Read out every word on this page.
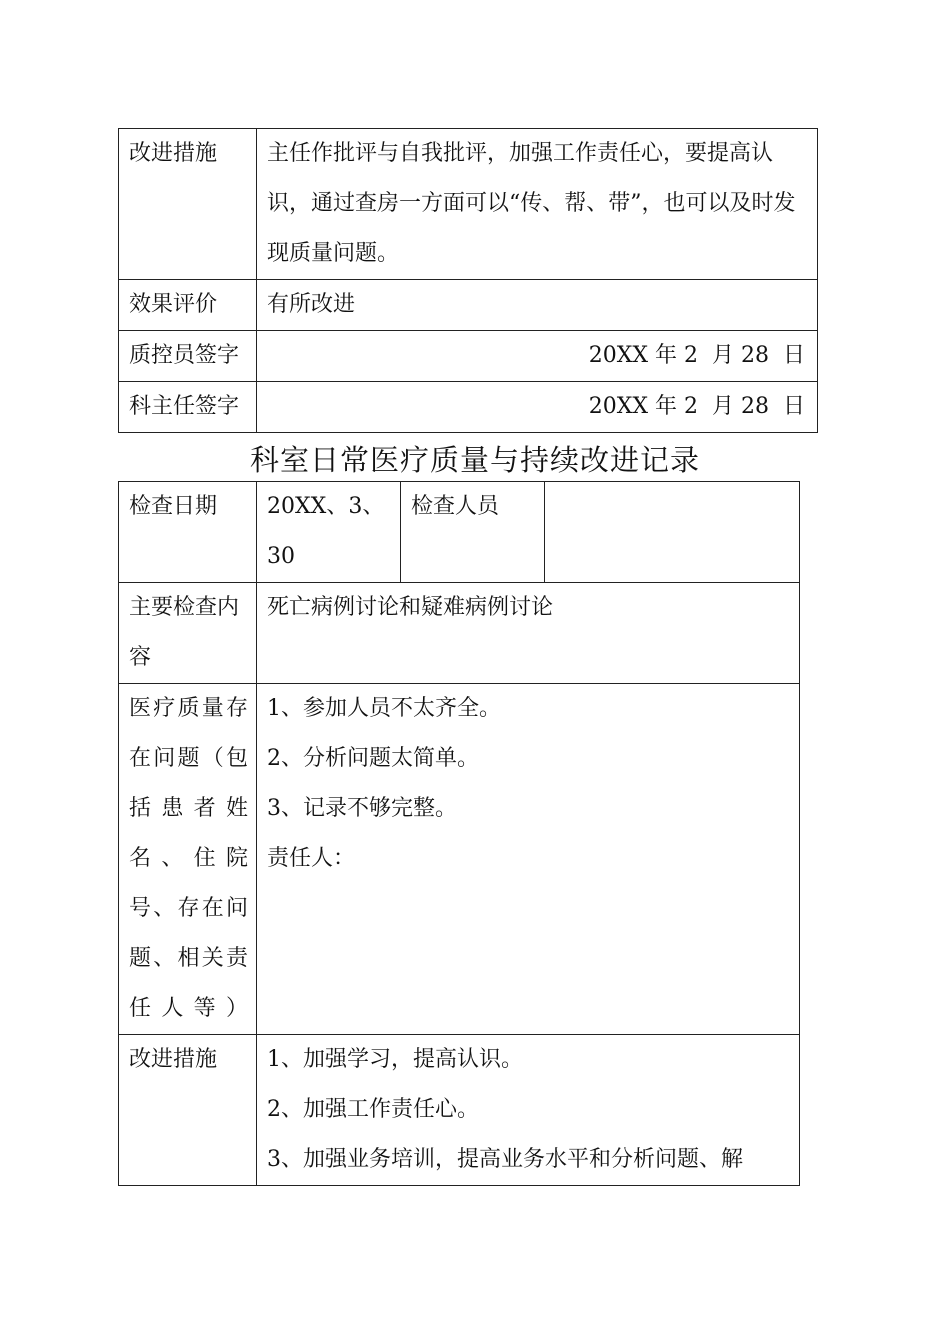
改进措施	主任作批评与自我批评，加强工作责任心，要提高认识，通过查房一方面可以“传、帮、带”，也可以及时发现质量问题。
效果评价	有所改进
质控员签字	20XX 年 2  月 28  日
科主任签字	20XX 年 2  月 28  日
科室日常医疗质量与持续改进记录
检查日期	20XX、3、30	检查人员	
主要检查内容	死亡病例讨论和疑难病例讨论		
医疗质量存在问题（包括患者姓名、住院号、存在问题、相关责任人等）	1、参加人员不太齐全。
2、分析问题太简单。
3、记录不够完整。
责任人：		

改进措施	1、加强学习，提高认识。
2、加强工作责任心。
3、加强业务培训，提高业务水平和分析问题、解		
